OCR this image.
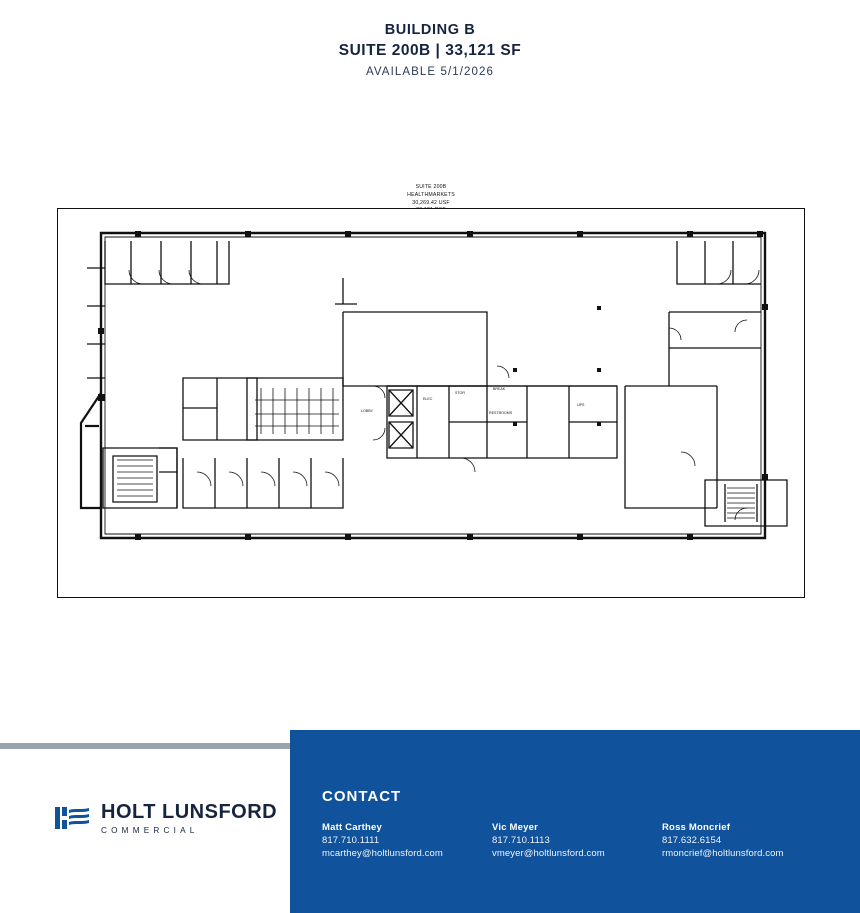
BUILDING B
SUITE 200B | 33,121 SF
AVAILABLE 5/1/2026
SUITE 200B
HEALTHMARKETS
30,269.42 USF
LOBBY
ELEC
STOR
RESTROOMS
UPS
BREAK
HOLT LUNSFORD
COMMERCIAL
CONTACT
Matt Carthey
817.710.1111
mcarthey@holtlunsford.com
Vic Meyer
817.710.1113
vmeyer@holtlunsford.com
Ross Moncrief
817.632.6154
rmoncrief@holtlunsford.com
